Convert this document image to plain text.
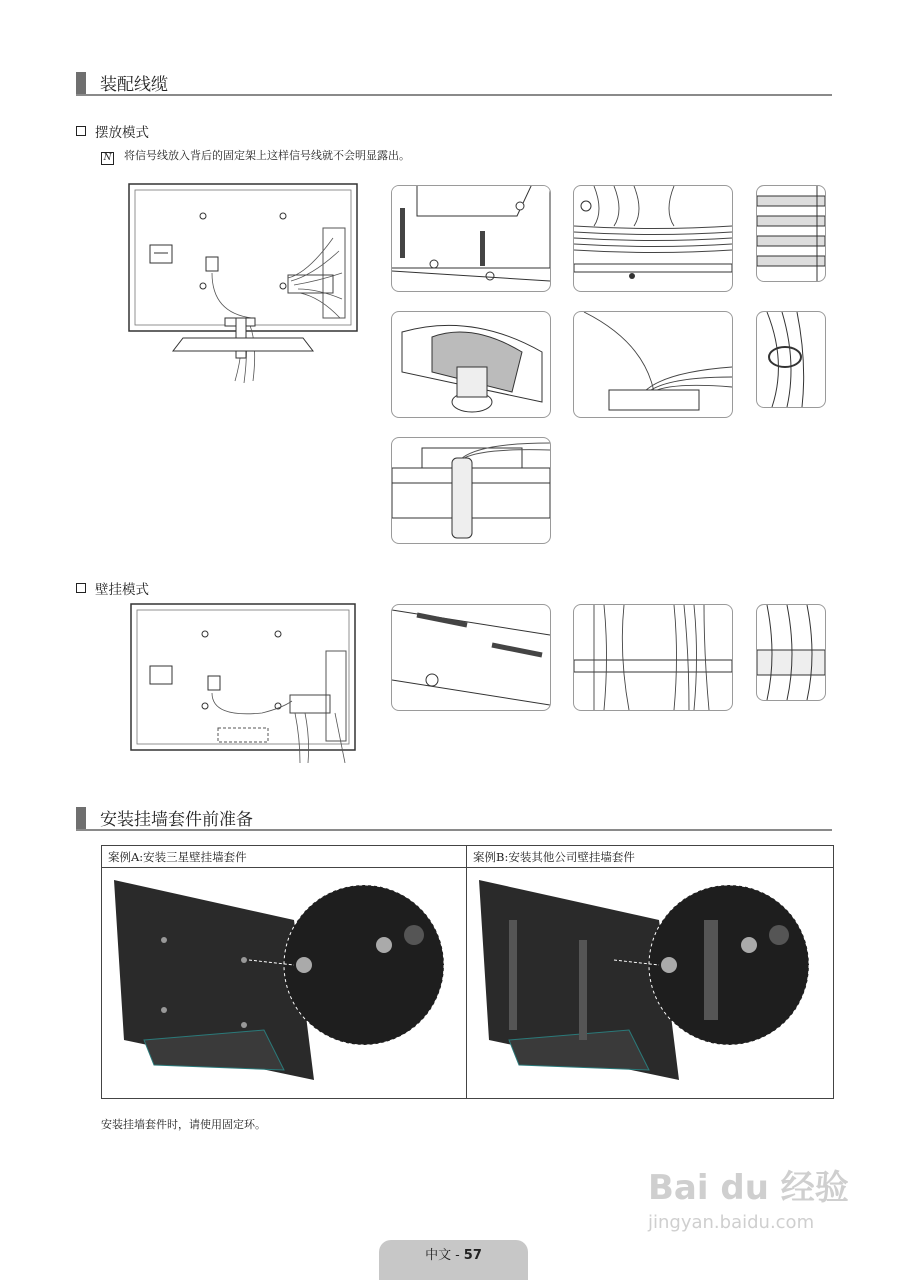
装配线缆
摆放模式
N 将信号线放入背后的固定架上这样信号线就不会明显露出。
壁挂模式
安装挂墙套件前准备
案例A:安装三星壁挂墙套件	案例B:安装其他公司壁挂墙套件
安装挂墙套件时，请使用固定环。
Bai du 经验
jingyan.baidu.com
中文 - 57
